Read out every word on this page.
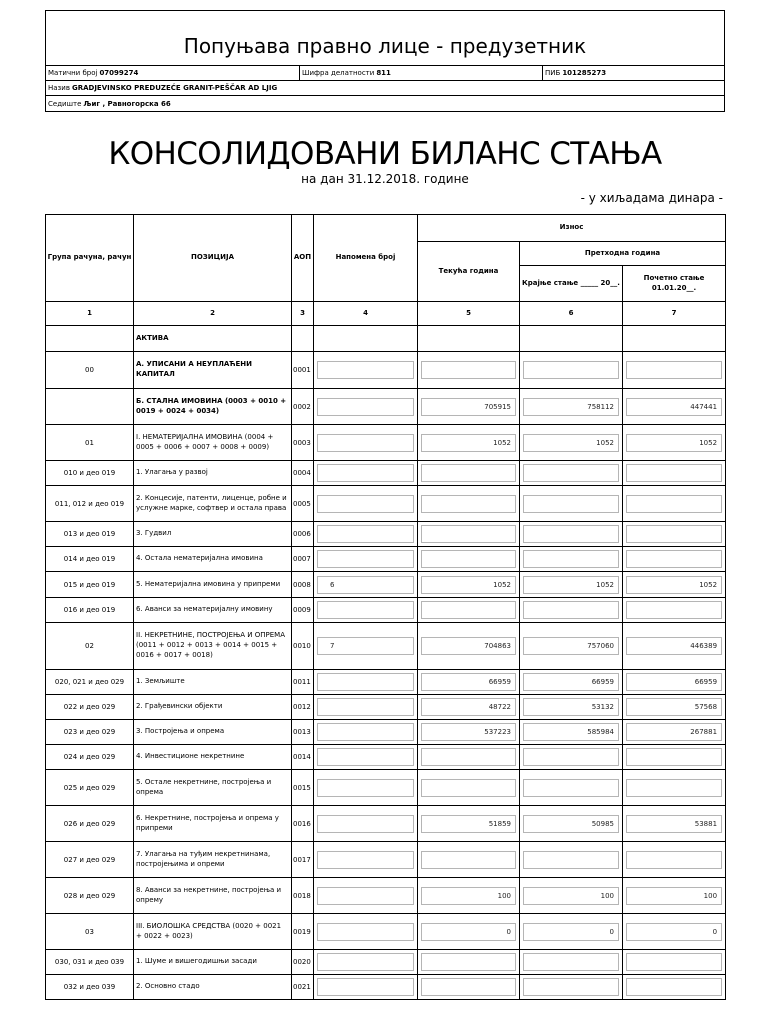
Попуњава правно лице - предузетник
Матични број 07099274	Шифра делатности 811	ПИБ 101285273
Назив GRADJEVINSKO PREDUZEĆE GRANIT-PEŠČAR AD LJIG
Седиште Љиг , Равногорска 66
КОНСОЛИДОВАНИ БИЛАНС СТАЊА
на дан 31.12.2018. године
- у хиљадама динара -
Група рачуна, рачун	ПОЗИЦИЈА	АОП	Напомена број	Износ		
				Текућа година	Претходна година	
					Крајње стање _____ 20__.	Почетно стање 01.01.20__.
1	2	3	4	5	6	7
	АКТИВА					
00	А. УПИСАНИ А НЕУПЛАЋЕНИ КАПИТАЛ	0001	

	Б. СТАЛНА ИМОВИНА (0003 + 0010 + 0019 + 0024 + 0034)	0002		705915	758112	447441

01	I. НЕМАТЕРИЈАЛНА ИМОВИНА (0004 + 0005 + 0006 + 0007 + 0008 + 0009)	0003		1052	1052	1052

010 и део 019	1. Улагања у развој	0004	

011, 012 и део 019	2. Концесије, патенти, лиценце, робне и услужне марке, софтвер и остала права	0005	

013 и део 019	3. Гудвил	0006	

014 и део 019	4. Остала нематеријална имовина	0007	

015 и део 019	5. Нематеријална имовина у припреми	0008	6	1052	1052	1052

016 и део 019	6. Аванси за нематеријалну имовину	0009	

02	II. НЕКРЕТНИНЕ, ПОСТРОЈЕЊА И ОПРЕМА (0011 + 0012 + 0013 + 0014 + 0015 + 0016 + 0017 + 0018)	0010	7	704863	757060	446389

020, 021 и део 029	1. Земљиште	0011		66959	66959	66959

022 и део 029	2. Грађевински објекти	0012		48722	53132	57568

023 и део 029	3. Постројења и опрема	0013		537223	585984	267881

024 и део 029	4. Инвестиционе некретнине	0014	

025 и део 029	5. Остале некретнине, постројења и опрема	0015	

026 и део 029	6. Некретнине, постројења и опрема у припреми	0016		51859	50985	53881

027 и део 029	7. Улагања на туђим некретнинама, постројењима и опреми	0017	

028 и део 029	8. Аванси за некретнине, постројења и опрему	0018		100	100	100

03	III. БИОЛОШКА СРЕДСТВА (0020 + 0021 + 0022 + 0023)	0019		0	0	0

030, 031 и део 039	1. Шуме и вишегодишњи засади	0020	

032 и део 039	2. Основно стадо	0021	
